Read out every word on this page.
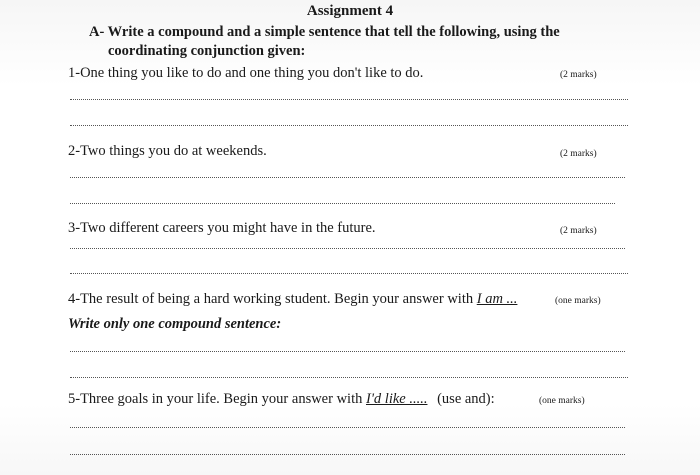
Assignment 4
A- Write a compound and a simple sentence that tell the following, using the
coordinating conjunction given:
1-One thing you like to do and one thing you don't like to do.	(2 marks)
2-Two things you do at weekends.	(2 marks)
3-Two different careers you might have in the future.	(2 marks)
4-The result of being a hard working student. Begin your answer with I am ...	(one marks)
Write only one compound sentence:
5-Three goals in your life. Begin your answer with I'd like ..... (use and):	(one marks)
